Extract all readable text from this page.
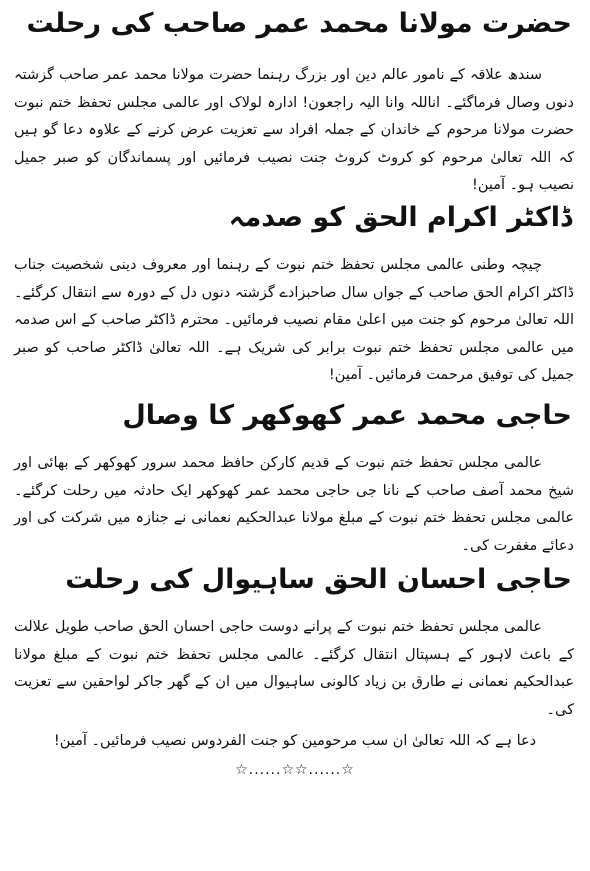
حضرت مولانا محمد عمر صاحب کی رحلت
سندھ علاقہ کے نامور عالم دین اور بزرگ رہنما حضرت مولانا محمد عمر صاحب گزشتہ دنوں وصال فرماگئے۔ اناللہ وانا الیہ راجعون! ادارہ لولاک اور عالمی مجلس تحفظ ختم نبوت حضرت مولانا مرحوم کے خاندان کے جملہ افراد سے تعزیت عرض کرنے کے علاوہ دعا گو ہیں کہ اللہ تعالیٰ مرحوم کو کروٹ کروٹ جنت نصیب فرمائیں اور پسماندگان کو صبر جمیل نصیب ہو۔ آمین!
ڈاکٹر اکرام الحق کو صدمہ
چیچہ وطنی عالمی مجلس تحفظ ختم نبوت کے رہنما اور معروف دینی شخصیت جناب ڈاکٹر اکرام الحق صاحب کے جواں سال صاحبزادے گزشتہ دنوں دل کے دورہ سے انتقال کرگئے۔ اللہ تعالیٰ مرحوم کو جنت میں اعلیٰ مقام نصیب فرمائیں۔ محترم ڈاکٹر صاحب کے اس صدمہ میں عالمی مجلس تحفظ ختم نبوت برابر کی شریک ہے۔ اللہ تعالیٰ ڈاکٹر صاحب کو صبر جمیل کی توفیق مرحمت فرمائیں۔ آمین!
حاجی محمد عمر کھوکھر کا وصال
عالمی مجلس تحفظ ختم نبوت کے قدیم کارکن حافظ محمد سرور کھوکھر کے بھائی اور شیخ محمد آصف صاحب کے نانا جی حاجی محمد عمر کھوکھر ایک حادثہ میں رحلت کرگئے۔ عالمی مجلس تحفظ ختم نبوت کے مبلغ مولانا عبدالحکیم نعمانی نے جنازہ میں شرکت کی اور دعائے مغفرت کی۔
حاجی احسان الحق ساہیوال کی رحلت
عالمی مجلس تحفظ ختم نبوت کے پرانے دوست حاجی احسان الحق صاحب طویل علالت کے باعث لاہور کے ہسپتال انتقال کرگئے۔ عالمی مجلس تحفظ ختم نبوت کے مبلغ مولانا عبدالحکیم نعمانی نے طارق بن زیاد کالونی ساہیوال میں ان کے گھر جاکر لواحقین سے تعزیت کی۔
دعا ہے کہ اللہ تعالیٰ ان سب مرحومین کو جنت الفردوس نصیب فرمائیں۔ آمین!
☆......☆☆......☆
